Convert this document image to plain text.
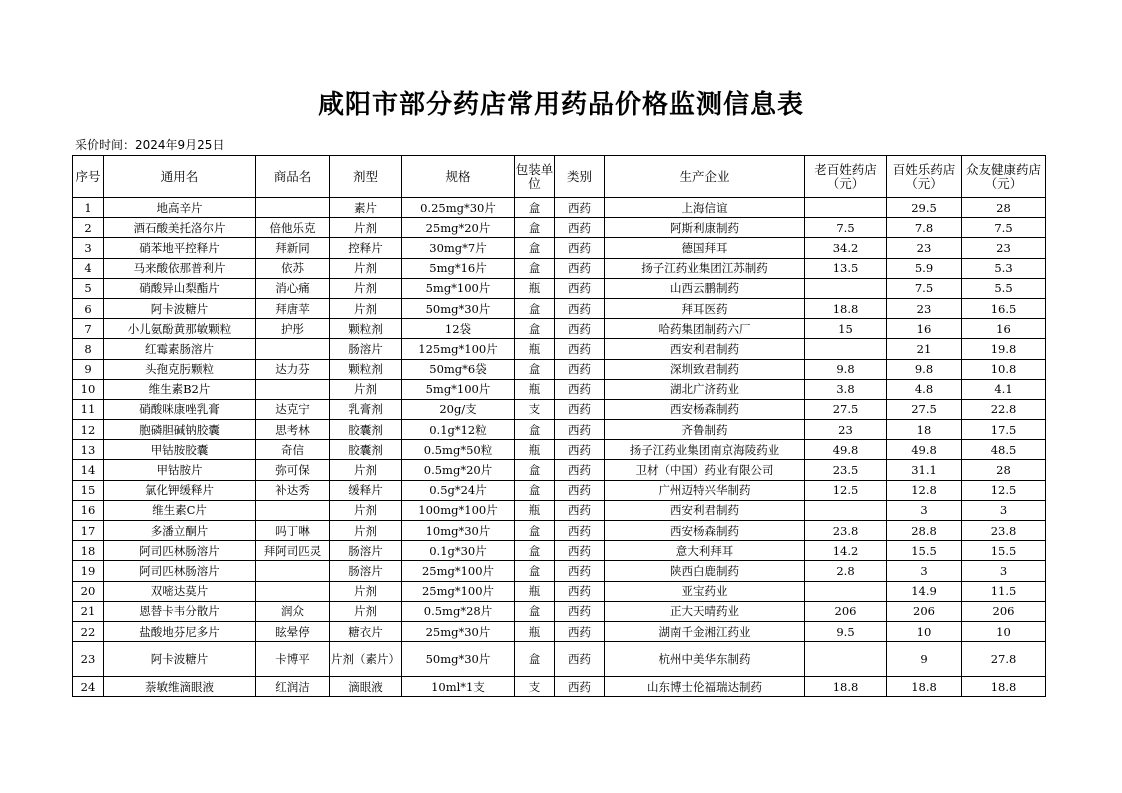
咸阳市部分药店常用药品价格监测信息表
采价时间：2024年9月25日
序号	通用名	商品名	剂型	规格	包装单位	类别	生产企业	老百姓药店（元）	百姓乐药店（元）	众友健康药店（元）
1	地高辛片		素片	0.25mg*30片	盒	西药	上海信谊		29.5	28
2	酒石酸美托洛尔片	倍他乐克	片剂	25mg*20片	盒	西药	阿斯利康制药	7.5	7.8	7.5
3	硝苯地平控释片	拜新同	控释片	30mg*7片	盒	西药	德国拜耳	34.2	23	23
4	马来酸依那普利片	依苏	片剂	5mg*16片	盒	西药	扬子江药业集团江苏制药	13.5	5.9	5.3
5	硝酸异山梨酯片	消心痛	片剂	5mg*100片	瓶	西药	山西云鹏制药		7.5	5.5
6	阿卡波糖片	拜唐苹	片剂	50mg*30片	盒	西药	拜耳医药	18.8	23	16.5
7	小儿氨酚黄那敏颗粒	护彤	颗粒剂	12袋	盒	西药	哈药集团制药六厂	15	16	16
8	红霉素肠溶片		肠溶片	125mg*100片	瓶	西药	西安利君制药		21	19.8
9	头孢克肟颗粒	达力芬	颗粒剂	50mg*6袋	盒	西药	深圳致君制药	9.8	9.8	10.8
10	维生素B2片		片剂	5mg*100片	瓶	西药	湖北广济药业	3.8	4.8	4.1
11	硝酸咪康唑乳膏	达克宁	乳膏剂	20g/支	支	西药	西安杨森制药	27.5	27.5	22.8
12	胞磷胆碱钠胶囊	思考林	胶囊剂	0.1g*12粒	盒	西药	齐鲁制药	23	18	17.5
13	甲钴胺胶囊	奇信	胶囊剂	0.5mg*50粒	瓶	西药	扬子江药业集团南京海陵药业	49.8	49.8	48.5
14	甲钴胺片	弥可保	片剂	0.5mg*20片	盒	西药	卫材（中国）药业有限公司	23.5	31.1	28
15	氯化钾缓释片	补达秀	缓释片	0.5g*24片	盒	西药	广州迈特兴华制药	12.5	12.8	12.5
16	维生素C片		片剂	100mg*100片	瓶	西药	西安利君制药		3	3
17	多潘立酮片	吗丁啉	片剂	10mg*30片	盒	西药	西安杨森制药	23.8	28.8	23.8
18	阿司匹林肠溶片	拜阿司匹灵	肠溶片	0.1g*30片	盒	西药	意大利拜耳	14.2	15.5	15.5
19	阿司匹林肠溶片		肠溶片	25mg*100片	盒	西药	陕西白鹿制药	2.8	3	3
20	双嘧达莫片		片剂	25mg*100片	瓶	西药	亚宝药业		14.9	11.5
21	恩替卡韦分散片	润众	片剂	0.5mg*28片	盒	西药	正大天晴药业	206	206	206
22	盐酸地芬尼多片	眩晕停	糖衣片	25mg*30片	瓶	西药	湖南千金湘江药业	9.5	10	10
23	阿卡波糖片	卡博平	片剂（素片）	50mg*30片	盒	西药	杭州中美华东制药		9	27.8
24	萘敏维滴眼液	红润洁	滴眼液	10ml*1支	支	西药	山东博士伦福瑞达制药	18.8	18.8	18.8
